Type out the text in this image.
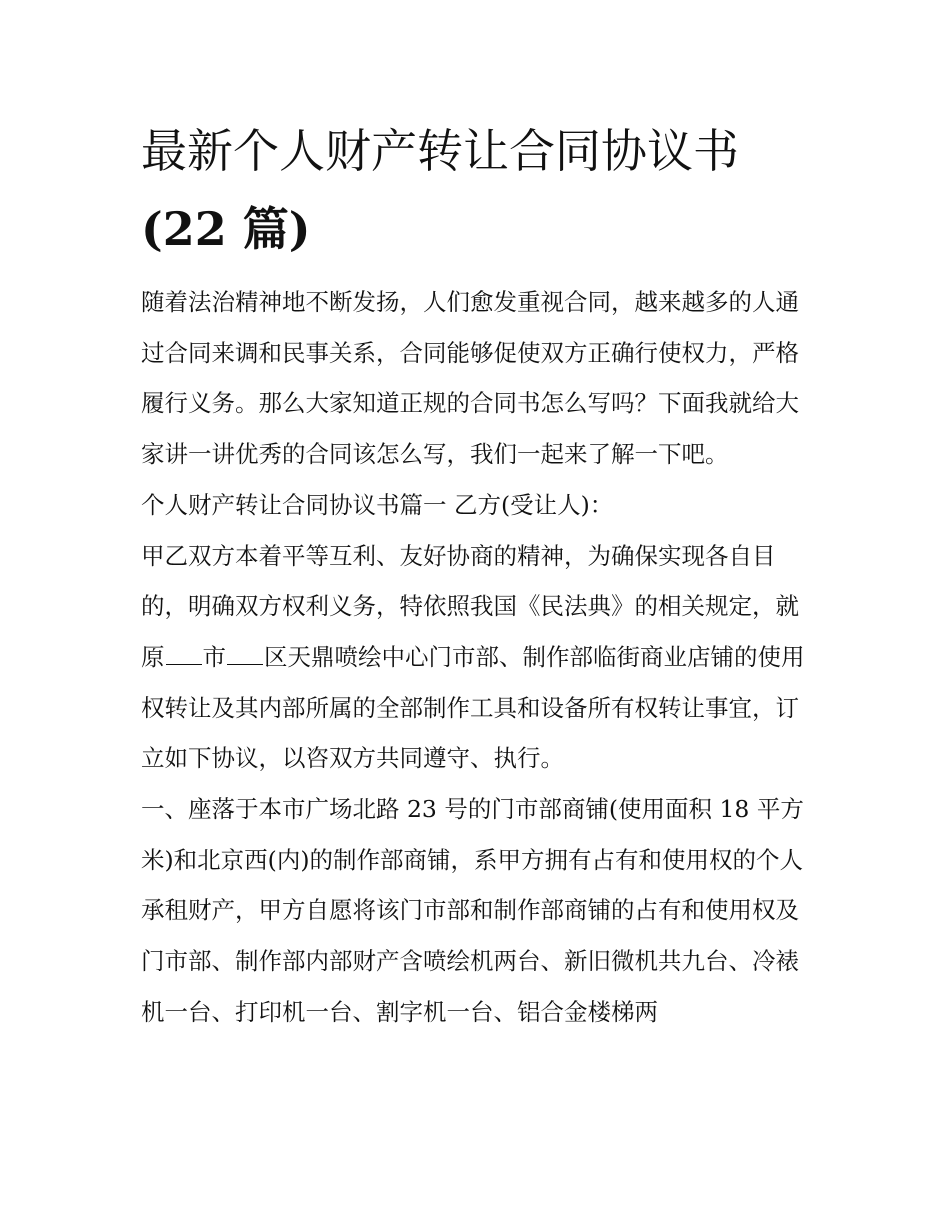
最新个人财产转让合同协议书
(22 篇)

随着法治精神地不断发扬，人们愈发重视合同，越来越多的人通过合同来调和民事关系，合同能够促使双方正确行使权力，严格履行义务。那么大家知道正规的合同书怎么写吗？下面我就给大家讲一讲优秀的合同该怎么写，我们一起来了解一下吧。

个人财产转让合同协议书篇一 乙方(受让人)：

甲乙双方本着平等互利、友好协商的精神，为确保实现各自目的，明确双方权利义务，特依照我国《民法典》的相关规定，就原 市 区天鼎喷绘中心门市部、制作部临街商业店铺的使用权转让及其内部所属的全部制作工具和设备所有权转让事宜，订立如下协议，以咨双方共同遵守、执行。

一、座落于本市广场北路 23 号的门市部商铺(使用面积 18 平方米)和北京西(内)的制作部商铺，系甲方拥有占有和使用权的个人承租财产，甲方自愿将该门市部和制作部商铺的占有和使用权及门市部、制作部内部财产含喷绘机两台、新旧微机共九台、冷裱机一台、打印机一台、割字机一台、铝合金楼梯两
